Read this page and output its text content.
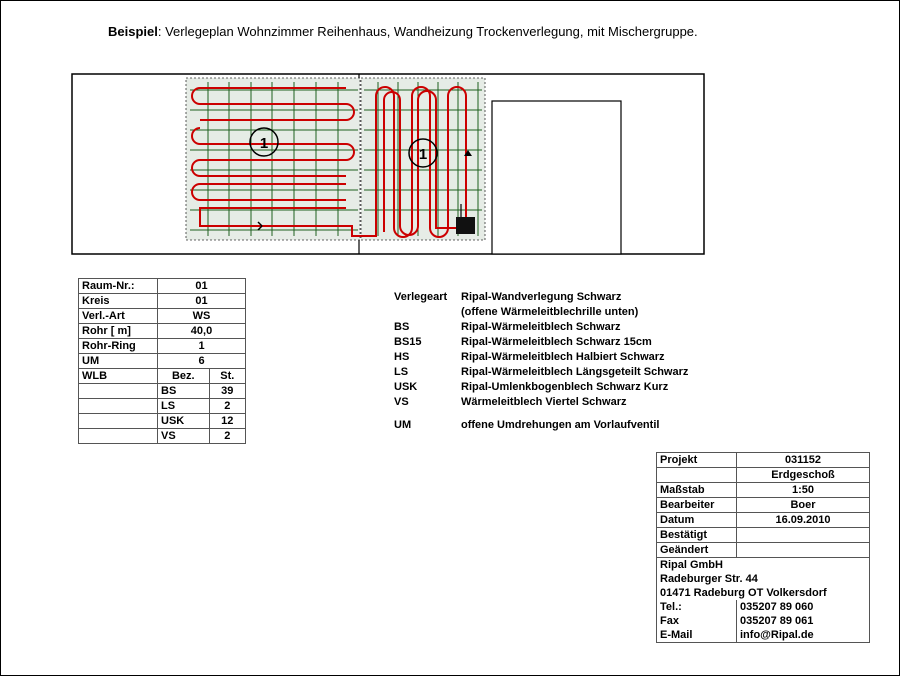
Beispiel: Verlegeplan Wohnzimmer Reihenhaus, Wandheizung Trockenverlegung, mit Mischergruppe.
1
1
Raum-Nr.:	01	
Kreis	01	
Verl.-Art	WS	
Rohr [ m]	40,0	
Rohr-Ring	1	
UM	6	
WLB	Bez.	St.
	BS	39
	LS	2
	USK	12
	VS	2
Verlegeart	Ripal-Wandverlegung Schwarz
(offene Wärmeleitblechrille unten)
BS	Ripal-Wärmeleitblech Schwarz
BS15	Ripal-Wärmeleitblech Schwarz 15cm
HS	Ripal-Wärmeleitblech Halbiert Schwarz
LS	Ripal-Wärmeleitblech Längsgeteilt Schwarz
USK	Ripal-Umlenkbogenblech Schwarz Kurz
VS	Wärmeleitblech Viertel Schwarz
UM	offene Umdrehungen am Vorlaufventil
Projekt	031152
	Erdgeschoß
Maßstab	1:50
Bearbeiter	Boer
Datum	16.09.2010
Bestätigt	
Geändert	
Ripal GmbH	
Radeburger Str. 44	
01471 Radeburg OT Volkersdorf	
Tel.:	035207 89 060
Fax	035207 89 061
E-Mail	info@Ripal.de
